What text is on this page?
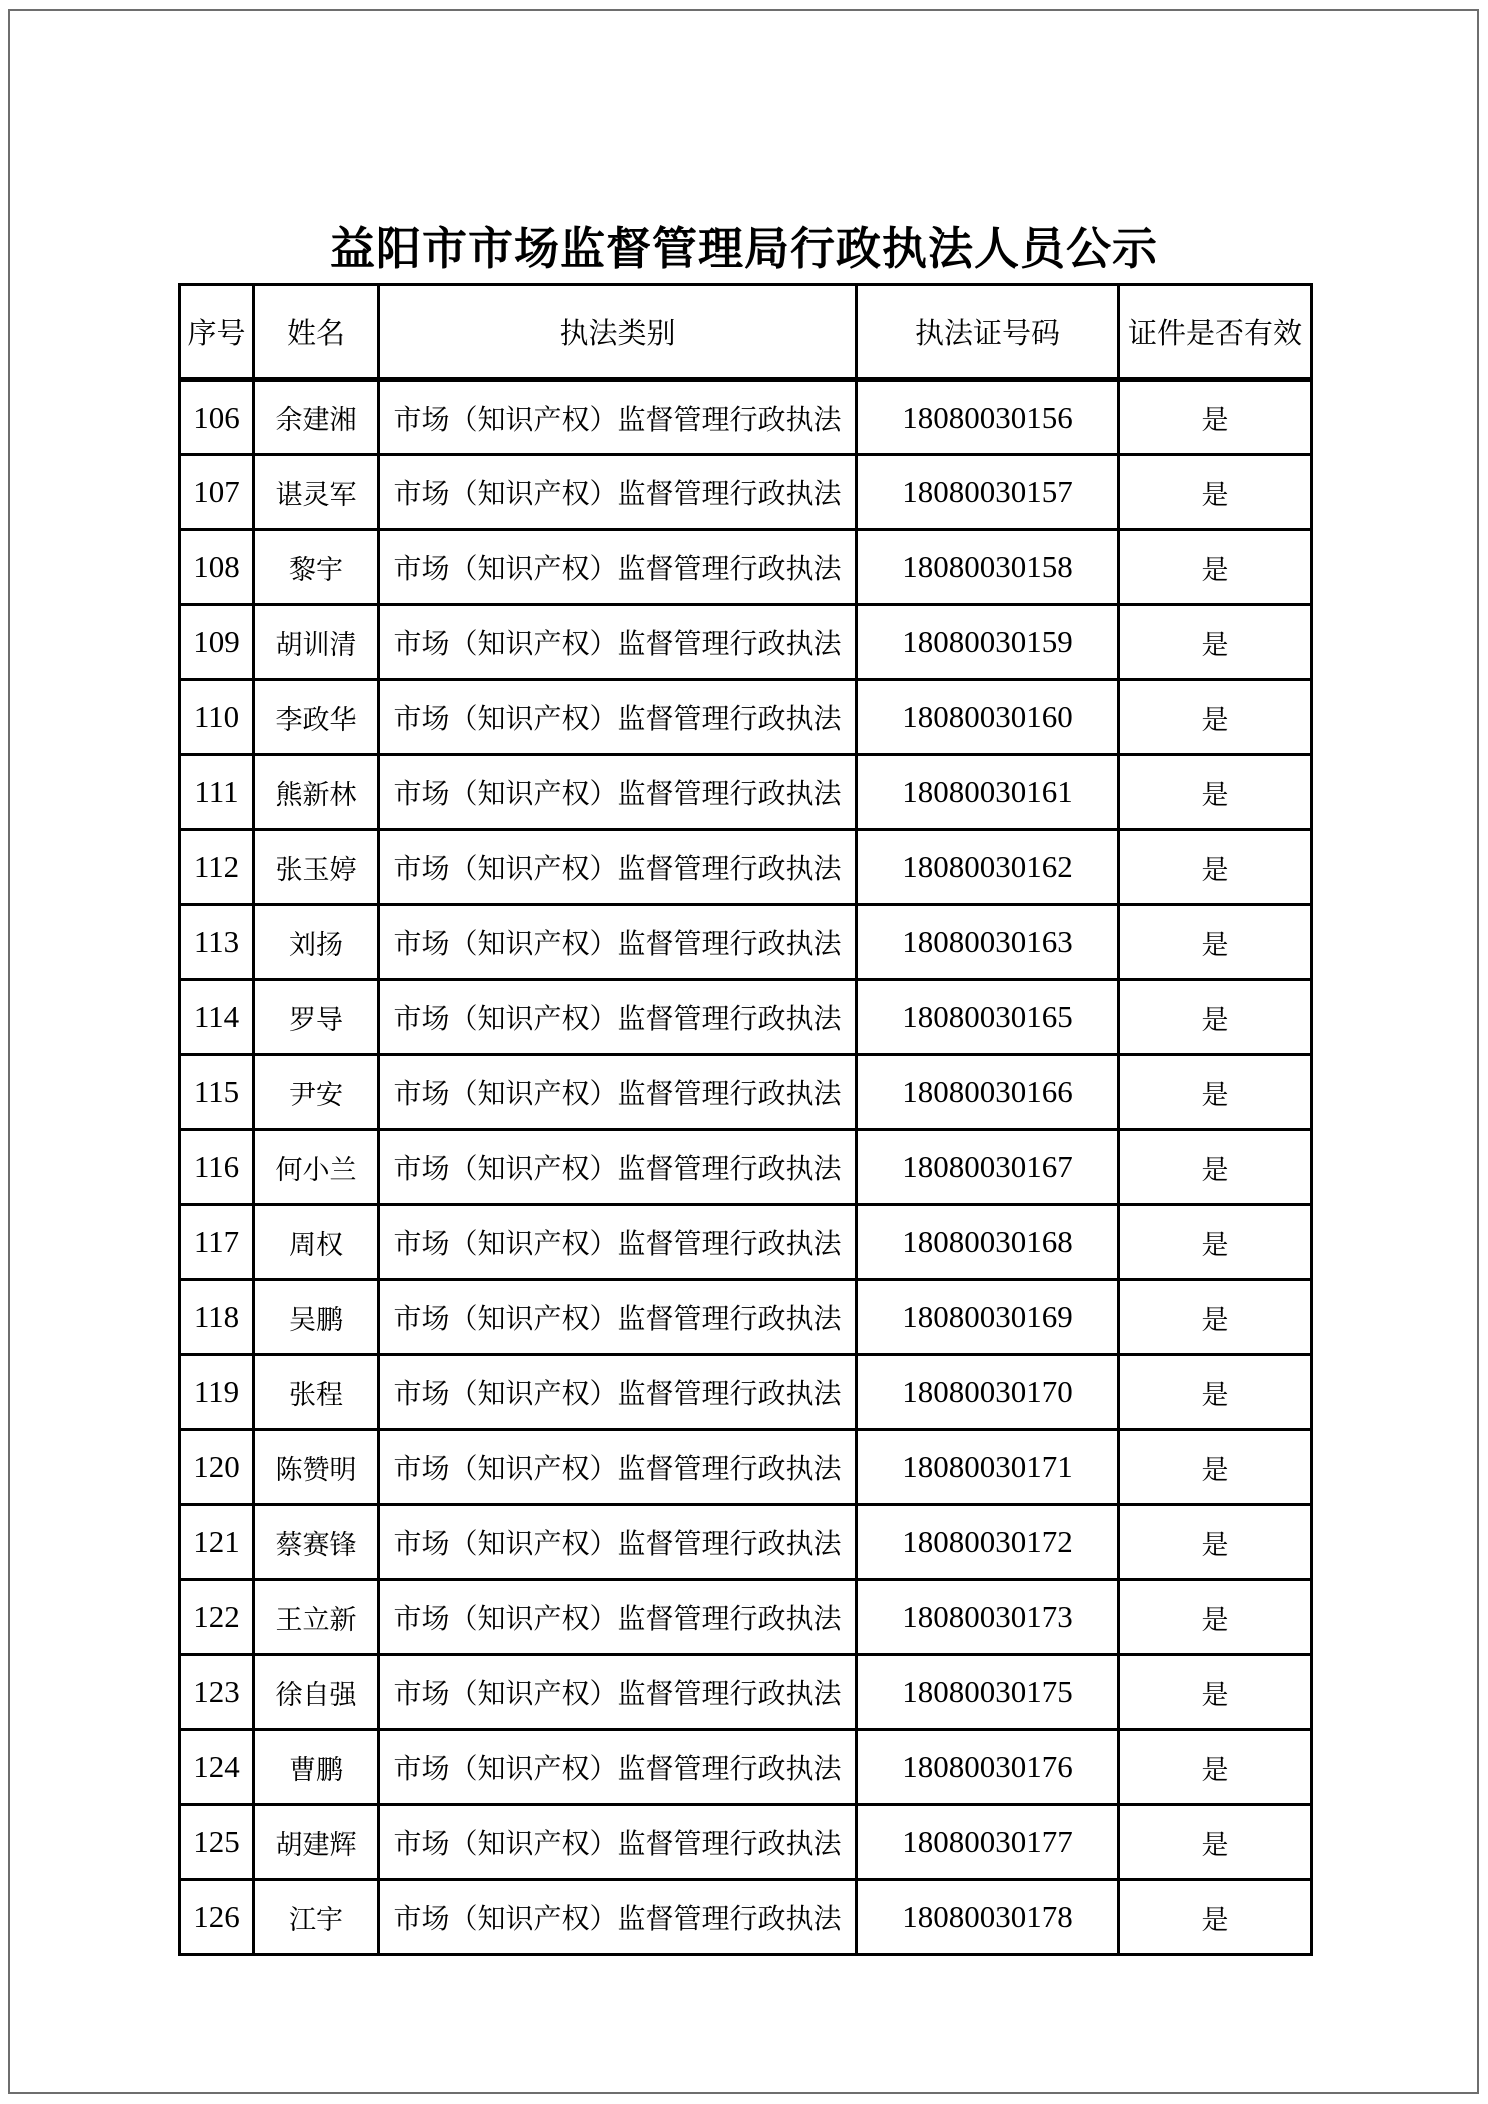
益阳市市场监督管理局行政执法人员公示
序号	姓名	执法类别	执法证号码	证件是否有效
106	余建湘	市场（知识产权）监督管理行政执法	18080030156	是
107	谌灵军	市场（知识产权）监督管理行政执法	18080030157	是
108	黎宇	市场（知识产权）监督管理行政执法	18080030158	是
109	胡训清	市场（知识产权）监督管理行政执法	18080030159	是
110	李政华	市场（知识产权）监督管理行政执法	18080030160	是
111	熊新林	市场（知识产权）监督管理行政执法	18080030161	是
112	张玉婷	市场（知识产权）监督管理行政执法	18080030162	是
113	刘扬	市场（知识产权）监督管理行政执法	18080030163	是
114	罗导	市场（知识产权）监督管理行政执法	18080030165	是
115	尹安	市场（知识产权）监督管理行政执法	18080030166	是
116	何小兰	市场（知识产权）监督管理行政执法	18080030167	是
117	周权	市场（知识产权）监督管理行政执法	18080030168	是
118	吴鹏	市场（知识产权）监督管理行政执法	18080030169	是
119	张程	市场（知识产权）监督管理行政执法	18080030170	是
120	陈赞明	市场（知识产权）监督管理行政执法	18080030171	是
121	蔡赛锋	市场（知识产权）监督管理行政执法	18080030172	是
122	王立新	市场（知识产权）监督管理行政执法	18080030173	是
123	徐自强	市场（知识产权）监督管理行政执法	18080030175	是
124	曹鹏	市场（知识产权）监督管理行政执法	18080030176	是
125	胡建辉	市场（知识产权）监督管理行政执法	18080030177	是
126	江宇	市场（知识产权）监督管理行政执法	18080030178	是
